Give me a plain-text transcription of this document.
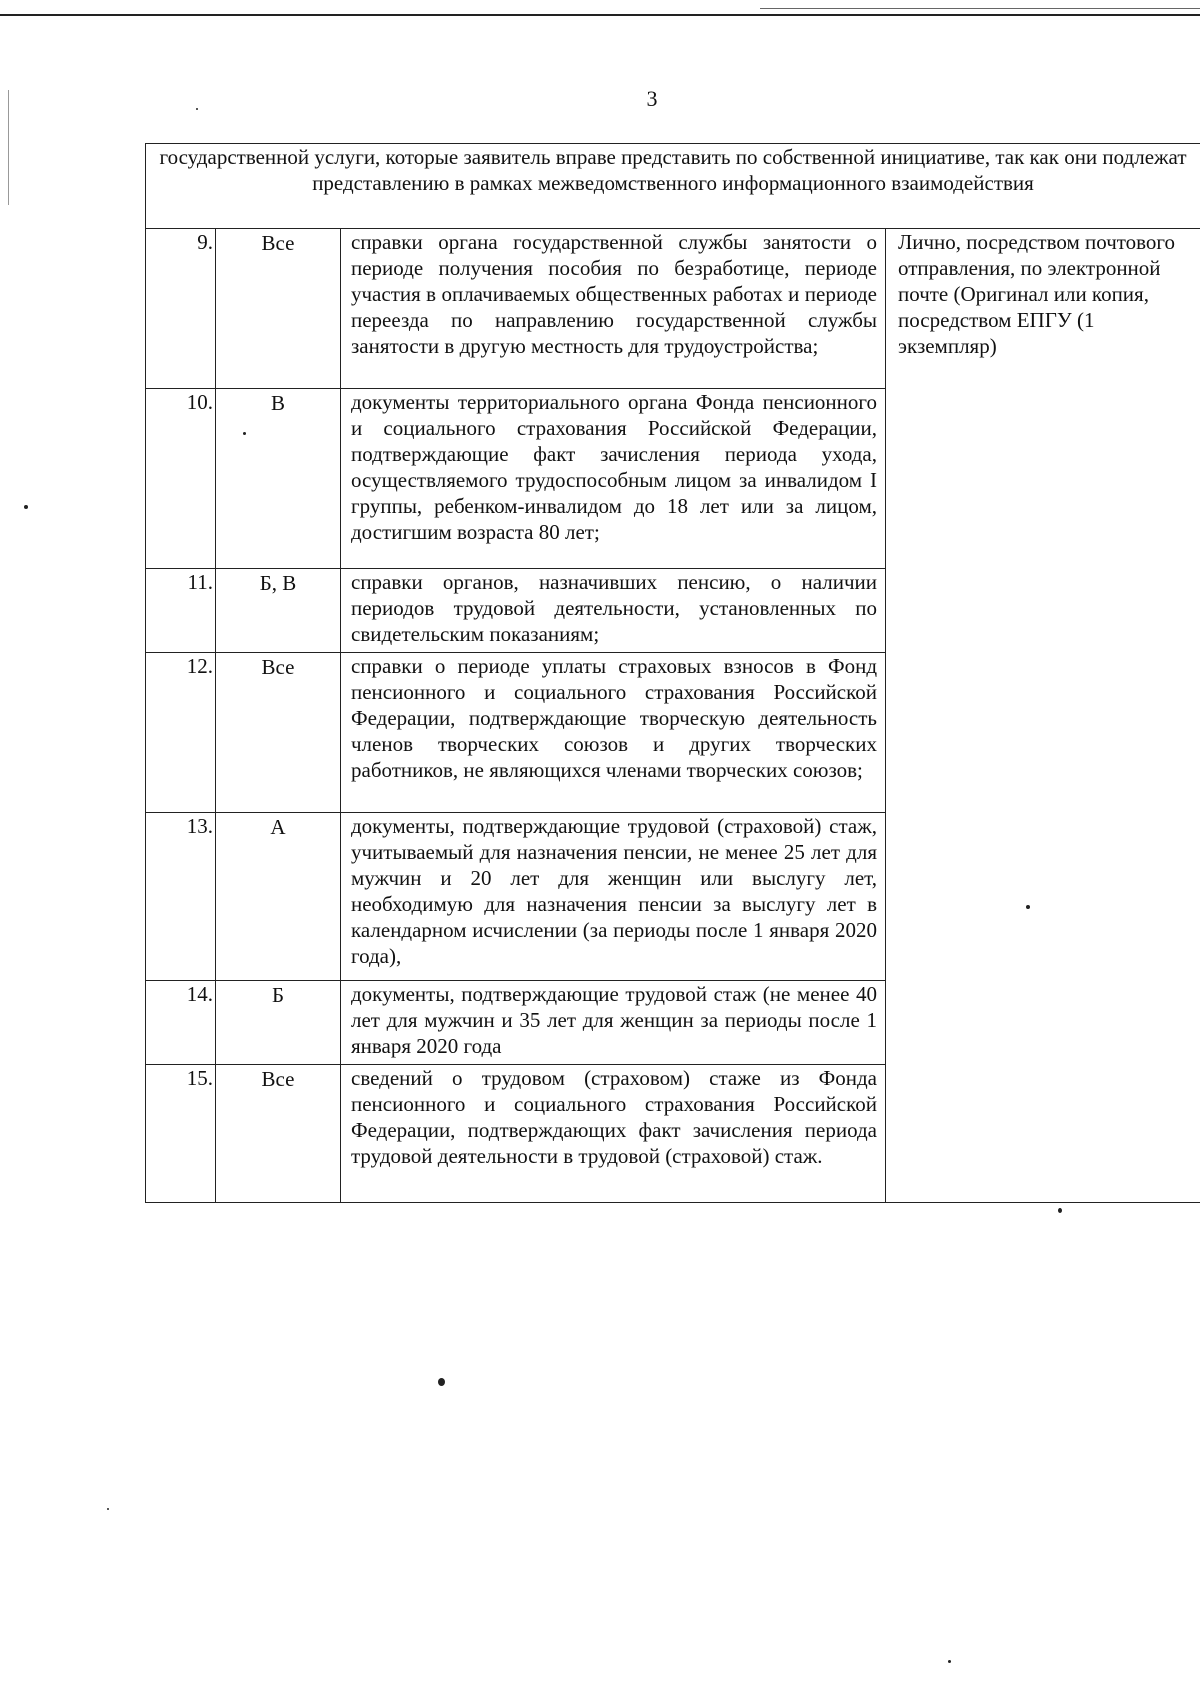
3
государственной услуги, которые заявитель вправе представить по собственной инициативе, так как они подлежат представлению в рамках межведомственного информационного взаимодействия			
9.	Все	справки органа государственной службы занятости о периоде получения пособия по безработице, периоде участия в оплачиваемых общественных работах и периоде переезда по направлению государственной службы занятости в другую местность для трудоустройства;	Лично, посредством почтового отправления, по электронной почте (Оригинал или копия, посредством ЕПГУ (1 экземпляр)
10.	В	документы территориального органа Фонда пенсионного и социального страхования Российской Федерации, подтверждающие факт зачисления периода ухода, осуществляемого трудоспособным лицом за инвалидом I группы, ребенком-инвалидом до 18 лет или за лицом, достигшим возраста 80 лет;	
11.	Б, В	справки органов, назначивших пенсию, о наличии периодов трудовой деятельности, установленных по свидетельским показаниям;	
12.	Все	справки о периоде уплаты страховых взносов в Фонд пенсионного и социального страхования Российской Федерации, подтверждающие творческую деятельность членов творческих союзов и других творческих работников, не являющихся членами творческих союзов;	
13.	А	документы, подтверждающие трудовой (страховой) стаж, учитываемый для назначения пенсии, не менее 25 лет для мужчин и 20 лет для женщин или выслугу лет, необходимую для назначения пенсии за выслугу лет в календарном исчислении (за периоды после 1 января 2020 года),	
14.	Б	документы, подтверждающие трудовой стаж (не менее 40 лет для мужчин и 35 лет для женщин за периоды после 1 января 2020 года	
15.	Все	сведений о трудовом (страховом) стаже из Фонда пенсионного и социального страхования Российской Федерации, подтверждающих факт зачисления периода трудовой деятельности в трудовой (страховой) стаж.	
